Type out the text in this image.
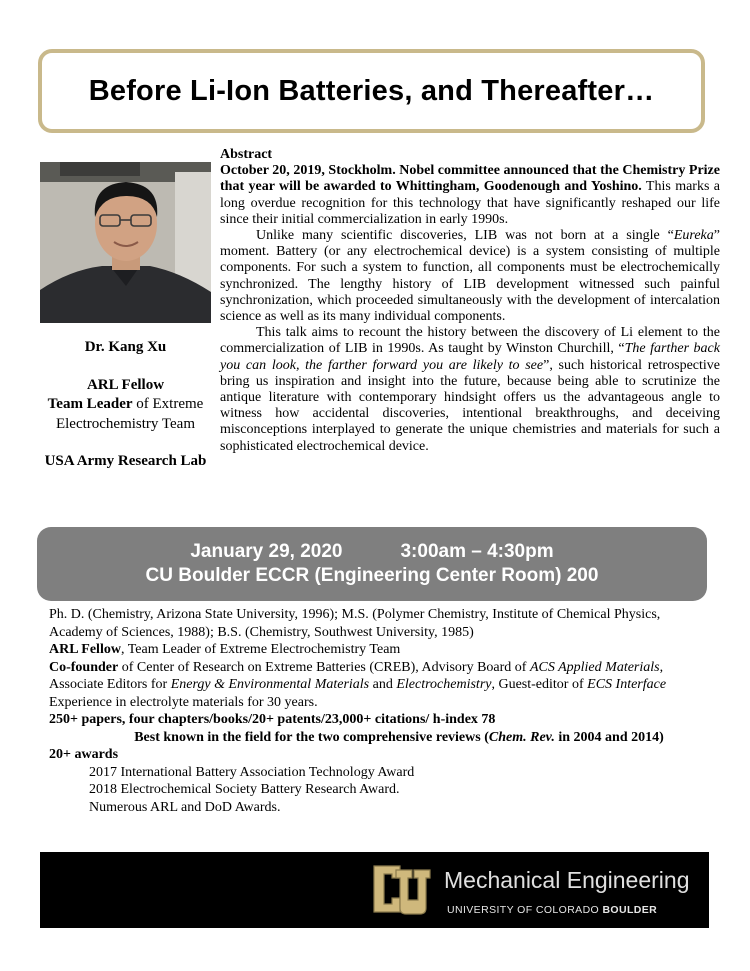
Before Li-Ion Batteries, and Thereafter…
Dr. Kang Xu
ARL Fellow
Team Leader of Extreme
Electrochemistry Team
USA Army Research Lab

Abstract

October 20, 2019, Stockholm. Nobel committee announced that the Chemistry Prize that year will be awarded to Whittingham, Goodenough and Yoshino. This marks a long overdue recognition for this technology that have significantly reshaped our life since their initial commercialization in early 1990s.

Unlike many scientific discoveries, LIB was not born at a single “Eureka” moment. Battery (or any electrochemical device) is a system consisting of multiple components. For such a system to function, all components must be electrochemically synchronized. The lengthy history of LIB development witnessed such painful synchronization, which proceeded simultaneously with the development of intercalation science as well as its many individual components.

This talk aims to recount the history between the discovery of Li element to the commercialization of LIB in 1990s. As taught by Winston Churchill, “The farther back you can look, the farther forward you are likely to see”, such historical retrospective bring us inspiration and insight into the future, because being able to scrutinize the antique literature with contemporary hindsight offers us the advantageous angle to witness how accidental discoveries, intentional breakthroughs, and deceiving misconceptions interplayed to generate the unique chemistries and materials for such a sophisticated electrochemical device.

January 29, 2020	3:00am – 4:30pm
CU Boulder ECCR (Engineering Center Room) 200

Ph. D. (Chemistry, Arizona State University, 1996); M.S. (Polymer Chemistry, Institute of Chemical Physics, Academy of Sciences, 1988); B.S. (Chemistry, Southwest University, 1985)

ARL Fellow, Team Leader of Extreme Electrochemistry Team

Co-founder of Center of Research on Extreme Batteries (CREB), Advisory Board of ACS Applied Materials, Associate Editors for Energy & Environmental Materials and Electrochemistry, Guest-editor of ECS Interface

Experience in electrolyte materials for 30 years.

250+ papers, four chapters/books/20+ patents/23,000+ citations/ h-index 78

Best known in the field for the two comprehensive reviews (Chem. Rev. in 2004 and 2014)

20+ awards

2017 International Battery Association Technology Award

2018 Electrochemical Society Battery Research Award.

Numerous ARL and DoD Awards.

Mechanical Engineering
UNIVERSITY OF COLORADO BOULDER
